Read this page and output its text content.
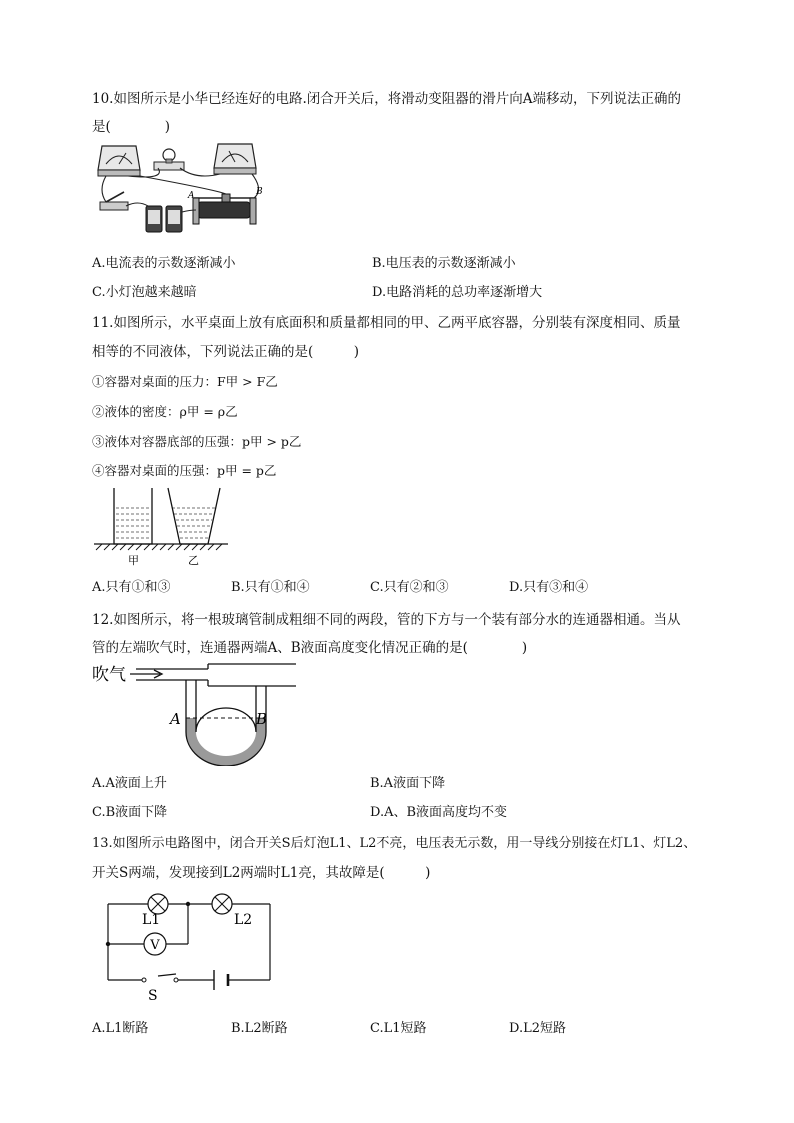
10.如图所示是小华已经连好的电路.闭合开关后，将滑动变阻器的滑片向A端移动，下列说法正确的
是(　　　　)
A	B
A.电流表的示数逐渐减小	B.电压表的示数逐渐减小
C.小灯泡越来越暗	D.电路消耗的总功率逐渐增大
11.如图所示，水平桌面上放有底面积和质量都相同的甲、乙两平底容器，分别装有深度相同、质量
相等的不同液体，下列说法正确的是(　　　)
①容器对桌面的压力：F甲 > F乙
②液体的密度：ρ甲 = ρ乙
③液体对容器底部的压强：p甲 > p乙
④容器对桌面的压强：p甲 = p乙
甲	乙
A.只有①和③	B.只有①和④	C.只有②和③	D.只有③和④
12.如图所示，将一根玻璃管制成粗细不同的两段，管的下方与一个装有部分水的连通器相通。当从
管的左端吹气时，连通器两端A、B液面高度变化情况正确的是(　　　　)
吹气
A	B
A.A液面上升	B.A液面下降
C.B液面下降	D.A、B液面高度均不变
13.如图所示电路图中，闭合开关S后灯泡L1、L2不亮，电压表无示数，用一导线分别接在灯L1、灯L2、
开关S两端，发现接到L2两端时L1亮，其故障是(　　　)
V
L1	L2
S
A.L1断路	B.L2断路	C.L1短路	D.L2短路
